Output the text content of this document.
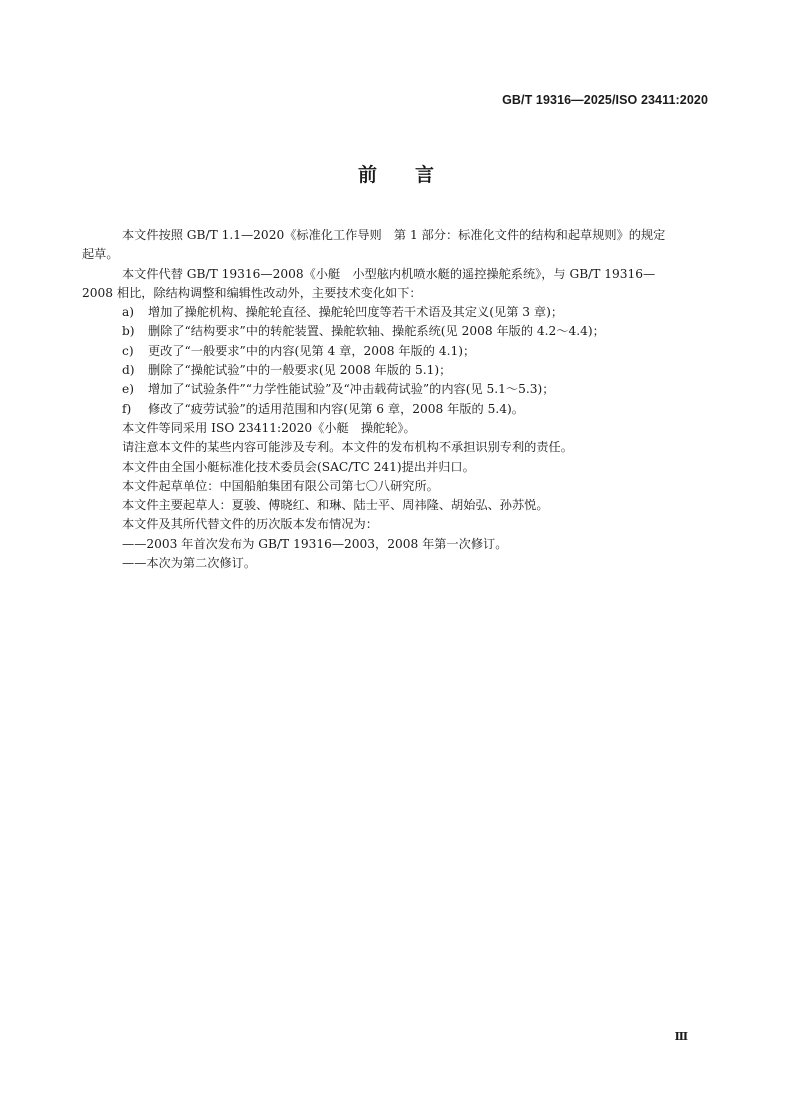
GB/T 19316—2025/ISO 23411:2020
前言

本文件按照 GB/T 1.1—2020《标准化工作导则　第 1 部分：标准化文件的结构和起草规则》的规定

起草。

本文件代替 GB/T 19316—2008《小艇　小型舷内机喷水艇的遥控操舵系统》，与 GB/T 19316—

2008 相比，除结构调整和编辑性改动外，主要技术变化如下：

a) 增加了操舵机构、操舵轮直径、操舵轮凹度等若干术语及其定义(见第 3 章)；

b) 删除了“结构要求”中的转舵装置、操舵软轴、操舵系统(见 2008 年版的 4.2～4.4)；

c) 更改了“一般要求”中的内容(见第 4 章，2008 年版的 4.1)；

d) 删除了“操舵试验”中的一般要求(见 2008 年版的 5.1)；

e) 增加了“试验条件”“力学性能试验”及“冲击载荷试验”的内容(见 5.1～5.3)；

f) 修改了“疲劳试验”的适用范围和内容(见第 6 章，2008 年版的 5.4)。

本文件等同采用 ISO 23411:2020《小艇　操舵轮》。

请注意本文件的某些内容可能涉及专利。本文件的发布机构不承担识别专利的责任。

本文件由全国小艇标准化技术委员会(SAC/TC 241)提出并归口。

本文件起草单位：中国船舶集团有限公司第七〇八研究所。

本文件主要起草人：夏骏、傅晓红、和琳、陆士平、周祎隆、胡始弘、孙苏悦。

本文件及其所代替文件的历次版本发布情况为：

——2003 年首次发布为 GB/T 19316—2003，2008 年第一次修订。

——本次为第二次修订。

Ⅲ
